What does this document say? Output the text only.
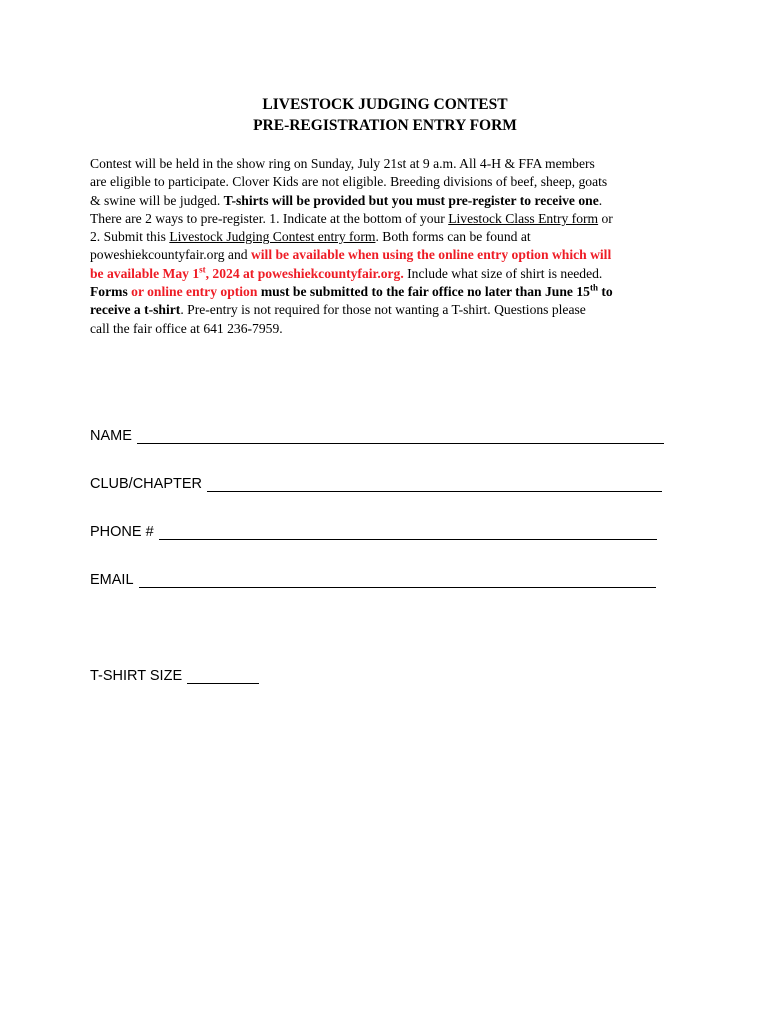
LIVESTOCK JUDGING CONTEST
PRE-REGISTRATION ENTRY FORM
Contest will be held in the show ring on Sunday, July 21st at 9 a.m. All 4-H & FFA members
are eligible to participate. Clover Kids are not eligible. Breeding divisions of beef, sheep, goats
& swine will be judged. T-shirts will be provided but you must pre-register to receive one.
There are 2 ways to pre-register. 1. Indicate at the bottom of your Livestock Class Entry form or
2. Submit this Livestock Judging Contest entry form. Both forms can be found at
poweshiekcountyfair.org and will be available when using the online entry option which will
be available May 1st, 2024 at poweshiekcountyfair.org. Include what size of shirt is needed.
Forms or online entry option must be submitted to the fair office no later than June 15th to
receive a t-shirt. Pre-entry is not required for those not wanting a T-shirt. Questions please
call the fair office at 641 236-7959.
NAME
CLUB/CHAPTER
PHONE #
EMAIL
T-SHIRT SIZE
